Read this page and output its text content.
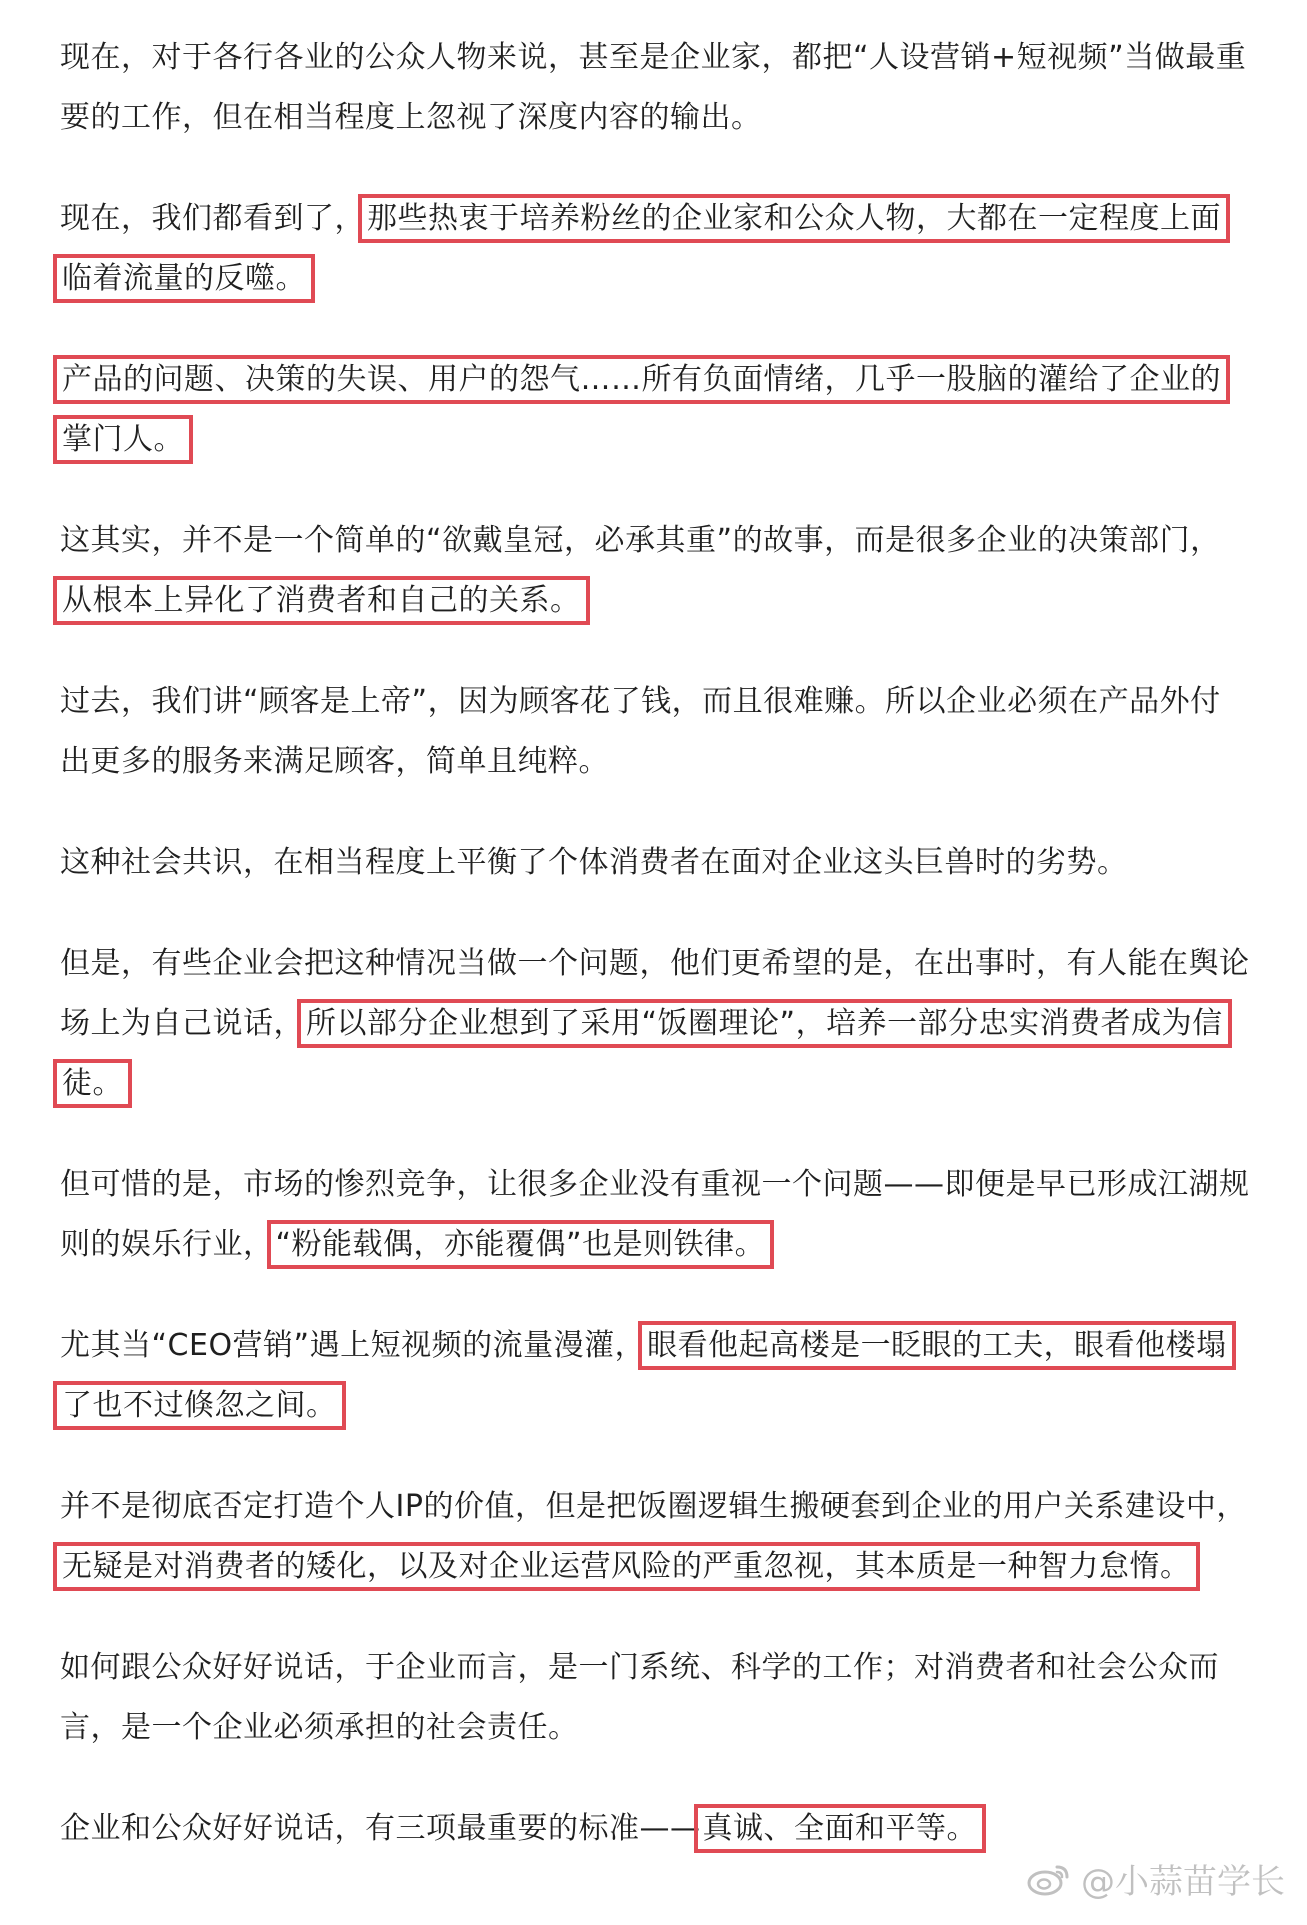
现在，对于各行各业的公众人物来说，甚至是企业家，都把“人设营销+短视频”当做最重要的工作，但在相当程度上忽视了深度内容的输出。

现在，我们都看到了，那些热衷于培养粉丝的企业家和公众人物，大都在一定程度上面临着流量的反噬。

产品的问题、决策的失误、用户的怨气……所有负面情绪，几乎一股脑的灌给了企业的掌门人。

这其实，并不是一个简单的“欲戴皇冠，必承其重”的故事，而是很多企业的决策部门，从根本上异化了消费者和自己的关系。

过去，我们讲“顾客是上帝”，因为顾客花了钱，而且很难赚。所以企业必须在产品外付出更多的服务来满足顾客，简单且纯粹。

这种社会共识，在相当程度上平衡了个体消费者在面对企业这头巨兽时的劣势。

但是，有些企业会把这种情况当做一个问题，他们更希望的是，在出事时，有人能在舆论场上为自己说话，所以部分企业想到了采用“饭圈理论”，培养一部分忠实消费者成为信徒。

但可惜的是，市场的惨烈竞争，让很多企业没有重视一个问题——即便是早已形成江湖规则的娱乐行业，“粉能载偶，亦能覆偶”也是则铁律。

尤其当“CEO营销”遇上短视频的流量漫灌，眼看他起高楼是一眨眼的工夫，眼看他楼塌了也不过倏忽之间。

并不是彻底否定打造个人IP的价值，但是把饭圈逻辑生搬硬套到企业的用户关系建设中，无疑是对消费者的矮化，以及对企业运营风险的严重忽视，其本质是一种智力怠惰。

如何跟公众好好说话，于企业而言，是一门系统、科学的工作；对消费者和社会公众而言，是一个企业必须承担的社会责任。

企业和公众好好说话，有三项最重要的标准——真诚、全面和平等。

@小蒜苗学长
